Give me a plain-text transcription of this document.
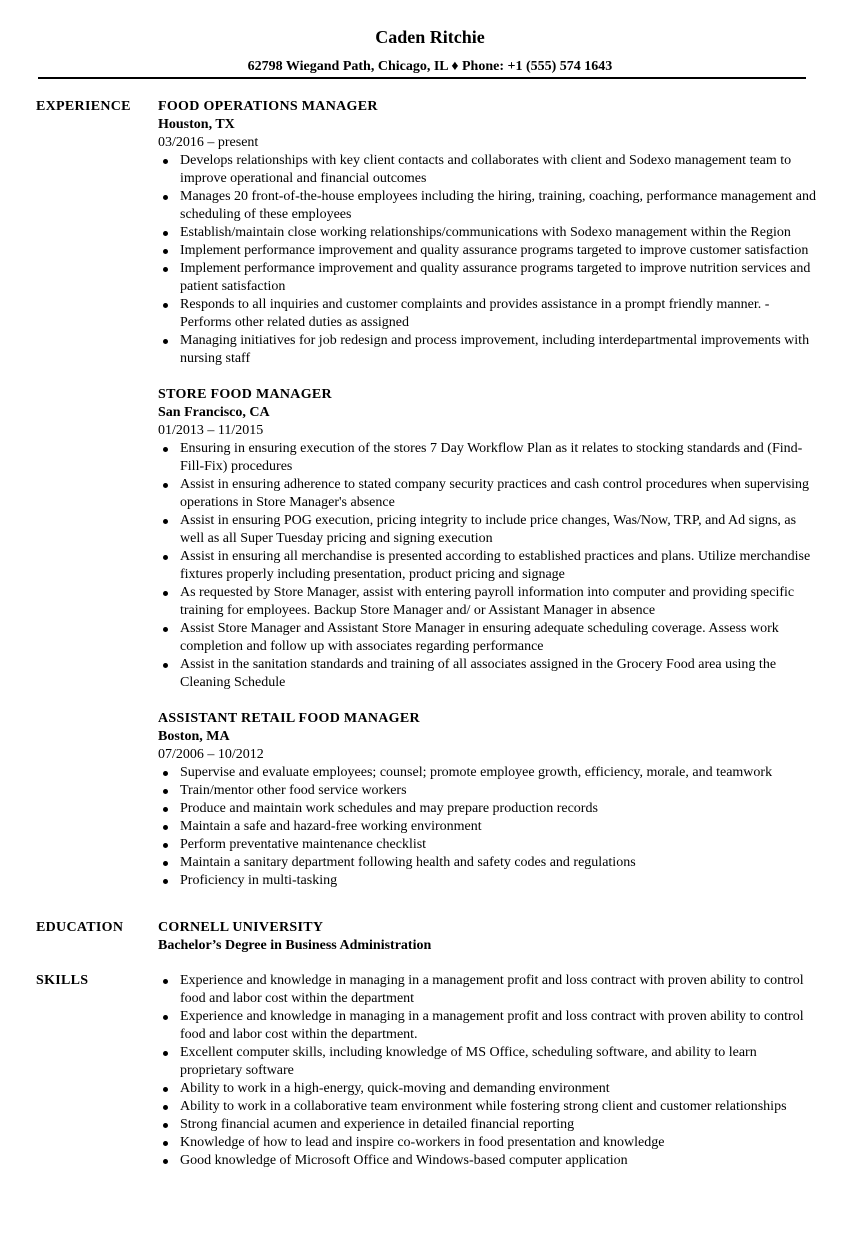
Caden Ritchie
62798 Wiegand Path, Chicago, IL ♦ Phone: +1 (555) 574 1643
EXPERIENCE FOOD OPERATIONS MANAGER
Houston, TX
03/2016 – present
Develops relationships with key client contacts and collaborates with client and Sodexo management team to improve operational and financial outcomes
Manages 20 front-of-the-house employees including the hiring, training, coaching, performance management and scheduling of these employees
Establish/maintain close working relationships/communications with Sodexo management within the Region
Implement performance improvement and quality assurance programs targeted to improve customer satisfaction
Implement performance improvement and quality assurance programs targeted to improve nutrition services and patient satisfaction
Responds to all inquiries and customer complaints and provides assistance in a prompt friendly manner. - Performs other related duties as assigned
Managing initiatives for job redesign and process improvement, including interdepartmental improvements with nursing staff
STORE FOOD MANAGER
San Francisco, CA
01/2013 – 11/2015
Ensuring in ensuring execution of the stores 7 Day Workflow Plan as it relates to stocking standards and (Find-Fill-Fix) procedures
Assist in ensuring adherence to stated company security practices and cash control procedures when supervising operations in Store Manager's absence
Assist in ensuring POG execution, pricing integrity to include price changes, Was/Now, TRP, and Ad signs, as well as all Super Tuesday pricing and signing execution
Assist in ensuring all merchandise is presented according to established practices and plans. Utilize merchandise fixtures properly including presentation, product pricing and signage
As requested by Store Manager, assist with entering payroll information into computer and providing specific training for employees. Backup Store Manager and/ or Assistant Manager in absence
Assist Store Manager and Assistant Store Manager in ensuring adequate scheduling coverage. Assess work completion and follow up with associates regarding performance
Assist in the sanitation standards and training of all associates assigned in the Grocery Food area using the Cleaning Schedule
ASSISTANT RETAIL FOOD MANAGER
Boston, MA
07/2006 – 10/2012
Supervise and evaluate employees; counsel; promote employee growth, efficiency, morale, and teamwork
Train/mentor other food service workers
Produce and maintain work schedules and may prepare production records
Maintain a safe and hazard-free working environment
Perform preventative maintenance checklist
Maintain a sanitary department following health and safety codes and regulations
Proficiency in multi-tasking
EDUCATION CORNELL UNIVERSITY
Bachelor’s Degree in Business Administration
SKILLS	Experience and knowledge in managing in a management profit and loss contract with proven ability to control food and labor cost within the department
Experience and knowledge in managing in a management profit and loss contract with proven ability to control food and labor cost within the department.
Excellent computer skills, including knowledge of MS Office, scheduling software, and ability to learn proprietary software
Ability to work in a high-energy, quick-moving and demanding environment
Ability to work in a collaborative team environment while fostering strong client and customer relationships
Strong financial acumen and experience in detailed financial reporting
Knowledge of how to lead and inspire co-workers in food presentation and knowledge
Good knowledge of Microsoft Office and Windows-based computer application
